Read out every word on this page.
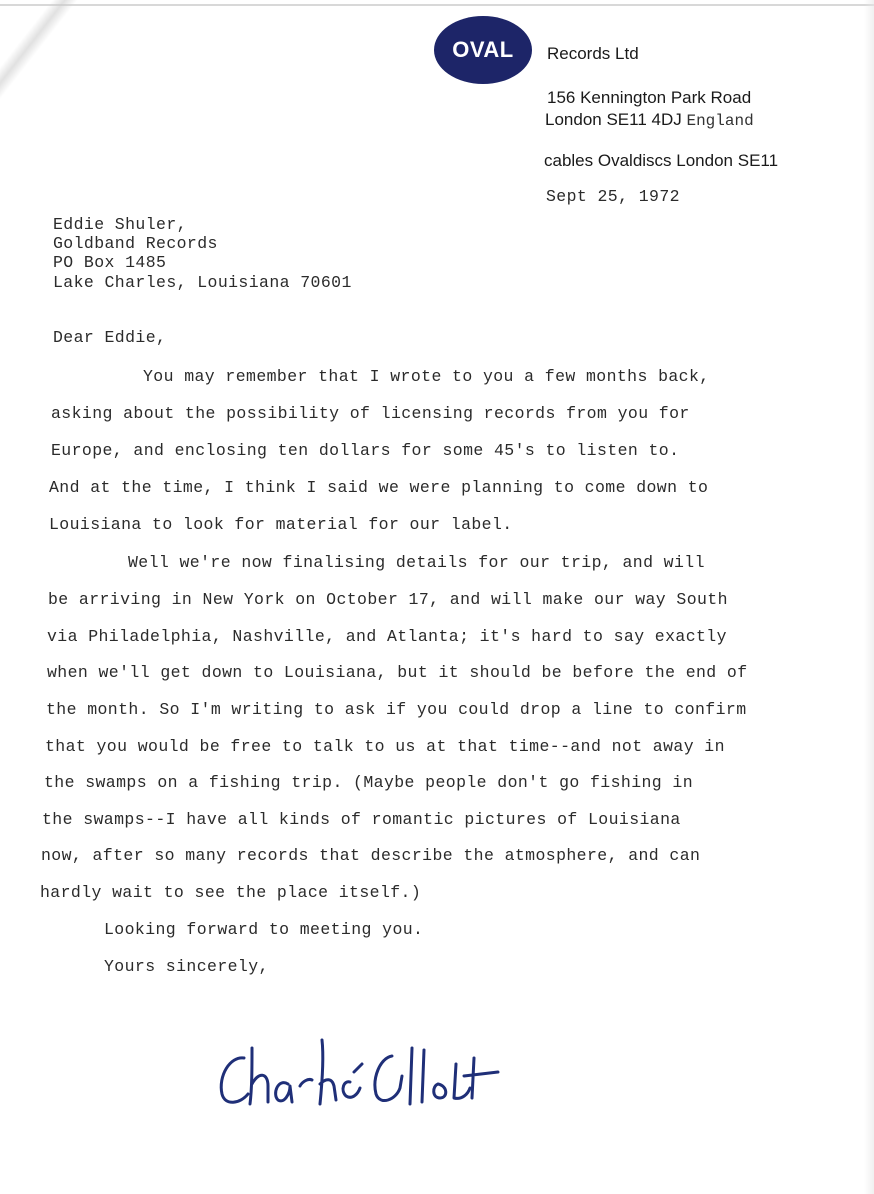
OVAL Records Ltd
156 Kennington Park Road
London SE11 4DJ England
cables Ovaldiscs London SE11
Sept 25, 1972
Eddie Shuler,
Goldband Records
PO Box 1485
Lake Charles, Louisiana 70601
Dear Eddie,
You may remember that I wrote to you a few months back,
asking about the possibility of licensing records from you for
Europe, and enclosing ten dollars for some 45's to listen to.
And at the time, I think I said we were planning to come down to
Louisiana to look for material for our label.
Well we're now finalising details for our trip, and will
be arriving in New York on October 17, and will make our way South
via Philadelphia, Nashville, and Atlanta; it's hard to say exactly
when we'll get down to Louisiana, but it should be before the end of
the month. So I'm writing to ask if you could drop a line to confirm
that you would be free to talk to us at that time--and not away in
the swamps on a fishing trip. (Maybe people don't go fishing in
the swamps--I have all kinds of romantic pictures of Louisiana
now, after so many records that describe the atmosphere, and can
hardly wait to see the place itself.)
Looking forward to meeting you.
Yours sincerely,
